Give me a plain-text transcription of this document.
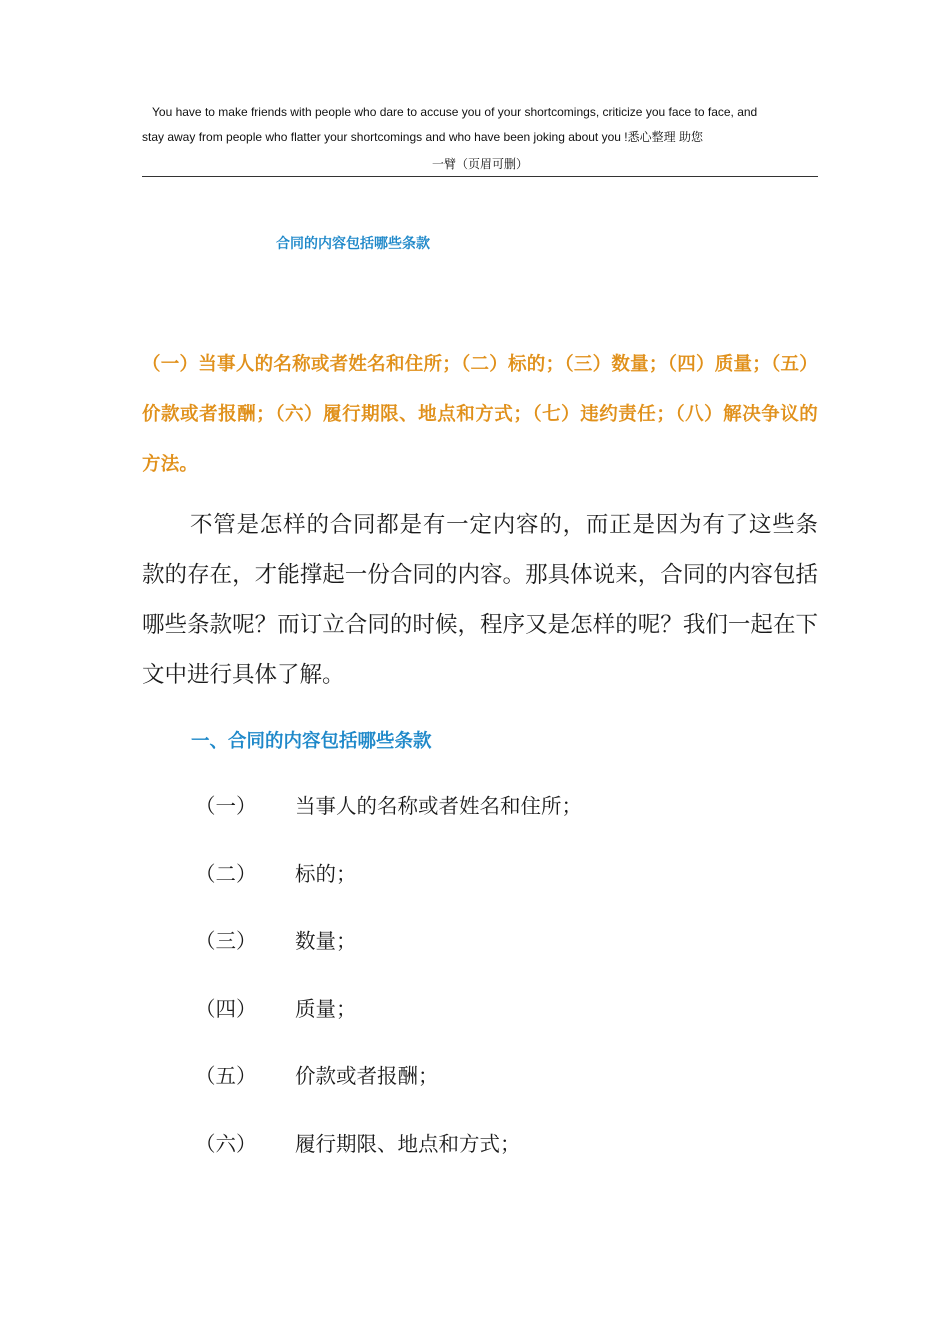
You have to make friends with people who dare to accuse you of your shortcomings, criticize you face to face, and
stay away from people who flatter your shortcomings and who have been joking about you !悉心整理 助您
一臂（页眉可删）
合同的内容包括哪些条款
（一）当事人的名称或者姓名和住所；（二）标的；（三）数量；（四）质量；（五）价款或者报酬；（六）履行期限、地点和方式；（七）违约责任；（八）解决争议的方法。
不管是怎样的合同都是有一定内容的，而正是因为有了这些条款的存在，才能撑起一份合同的内容。那具体说来，合同的内容包括哪些条款呢？而订立合同的时候，程序又是怎样的呢？我们一起在下文中进行具体了解。
一、合同的内容包括哪些条款
（一）	当事人的名称或者姓名和住所；
（二）	标的；
（三）	数量；
（四）	质量；
（五）	价款或者报酬；
（六）	履行期限、地点和方式；
